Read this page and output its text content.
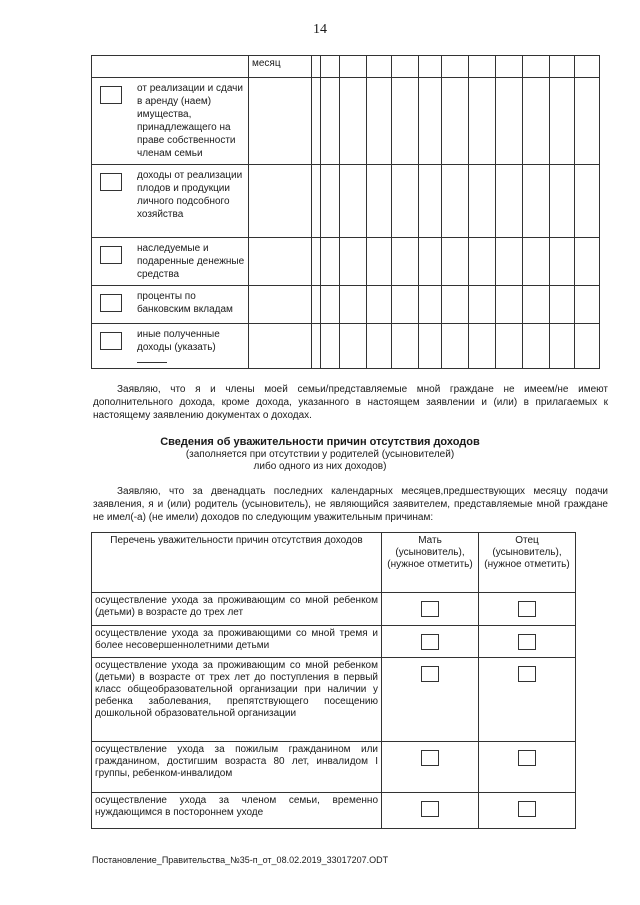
14
	месяц												

от реализации и сдачи в аренду (наем) имущества, принадлежащего на праве собственности членам семьи													

доходы от реализации плодов и продукции личного подсобного хозяйства													

наследуемые и подаренные денежные средства													

проценты по банковским вкладам													

иные полученные доходы (указать)													

Заявляю, что я и члены моей семьи/представляемые мной граждане не имеем/не имеют дополнительного дохода, кроме дохода, указанного в настоящем заявлении и (или) в прилагаемых к настоящему заявлению документах о доходах.
Сведения об уважительности причин отсутствия доходов
(заполняется при отсутствии у родителей (усыновителей)
либо одного из них доходов)
Заявляю, что за двенадцать последних календарных месяцев,предшествующих месяцу подачи заявления, я и (или) родитель (усыновитель), не являющийся заявителем, представляемые мной граждане не имел(-а) (не имели) доходов по следующим уважительным причинам:
Перечень уважительности причин отсутствия доходов	Мать (усыновитель), (нужное отметить)	Отец (усыновитель), (нужное отметить)
осуществление ухода за проживающим со мной ребенком (детьми) в возрасте до трех лет		
осуществление ухода за проживающими со мной тремя и более несовершеннолетними детьми		
осуществление ухода за проживающим со мной ребенком (детьми) в возрасте от трех лет до поступления в первый класс общеобразовательной организации при наличии у ребенка заболевания, препятствующего посещению дошкольной образовательной организации		
осуществление ухода за пожилым гражданином или гражданином, достигшим возраста 80 лет, инвалидом I группы, ребенком-инвалидом		
осуществление ухода за членом семьи, временно нуждающимся в постороннем уходе		
Постановление_Правительства_№35-п_от_08.02.2019_33017207.ODT
